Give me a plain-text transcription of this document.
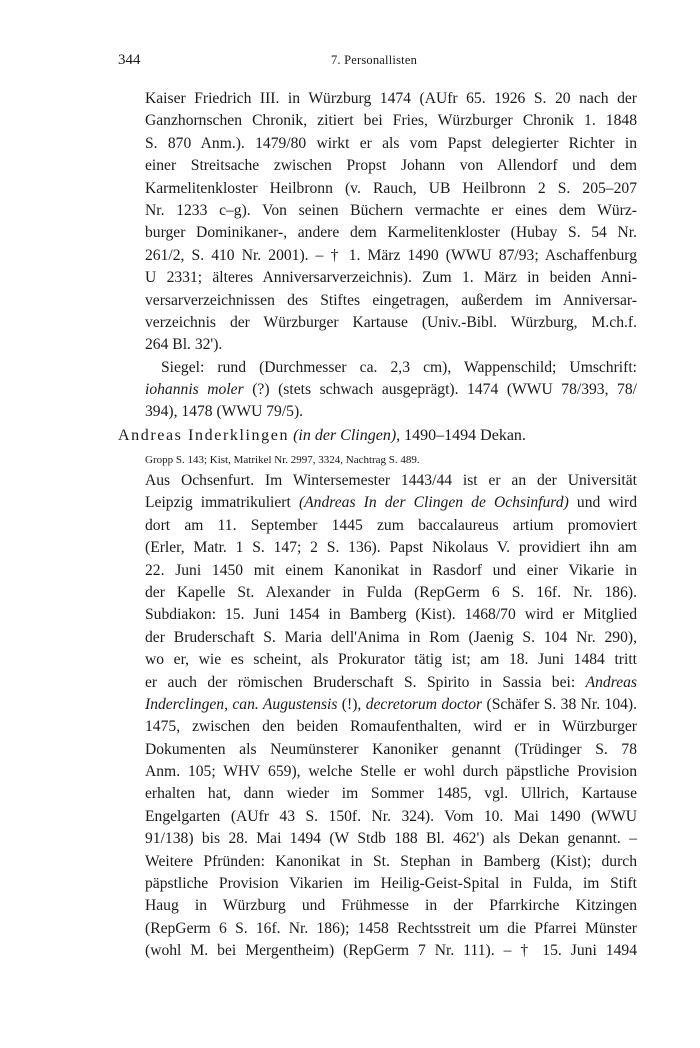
344	7. Personallisten
Kaiser Friedrich III. in Würzburg 1474 (AUfr 65. 1926 S. 20 nach der
Ganzhornschen Chronik, zitiert bei Fries, Würzburger Chronik 1. 1848
S. 870 Anm.). 1479/80 wirkt er als vom Papst delegierter Richter in
einer Streitsache zwischen Propst Johann von Allendorf und dem
Karmelitenkloster Heilbronn (v. Rauch, UB Heilbronn 2 S. 205–207
Nr. 1233 c–g). Von seinen Büchern vermachte er eines dem Würz-
burger Dominikaner-, andere dem Karmelitenkloster (Hubay S. 54 Nr.
261/2, S. 410 Nr. 2001). – † 1. März 1490 (WWU 87/93; Aschaffenburg
U 2331; älteres Anniversarverzeichnis). Zum 1. März in beiden Anni-
versarverzeichnissen des Stiftes eingetragen, außerdem im Anniversar-
verzeichnis der Würzburger Kartause (Univ.-Bibl. Würzburg, M.ch.f.
264 Bl. 32').
Siegel: rund (Durchmesser ca. 2,3 cm), Wappenschild; Umschrift:
iohannis moler (?) (stets schwach ausgeprägt). 1474 (WWU 78/393, 78/
394), 1478 (WWU 79/5).
Andreas Inderklingen (in der Clingen), 1490–1494 Dekan.
Gropp S. 143; Kist, Matrikel Nr. 2997, 3324, Nachtrag S. 489.
Aus Ochsenfurt. Im Wintersemester 1443/44 ist er an der Universität
Leipzig immatrikuliert (Andreas In der Clingen de Ochsinfurd) und wird
dort am 11. September 1445 zum baccalaureus artium promoviert
(Erler, Matr. 1 S. 147; 2 S. 136). Papst Nikolaus V. providiert ihn am
22. Juni 1450 mit einem Kanonikat in Rasdorf und einer Vikarie in
der Kapelle St. Alexander in Fulda (RepGerm 6 S. 16f. Nr. 186).
Subdiakon: 15. Juni 1454 in Bamberg (Kist). 1468/70 wird er Mitglied
der Bruderschaft S. Maria dell'Anima in Rom (Jaenig S. 104 Nr. 290),
wo er, wie es scheint, als Prokurator tätig ist; am 18. Juni 1484 tritt
er auch der römischen Bruderschaft S. Spirito in Sassia bei: Andreas
Inderclingen, can. Augustensis (!), decretorum doctor (Schäfer S. 38 Nr. 104).
1475, zwischen den beiden Romaufenthalten, wird er in Würzburger
Dokumenten als Neumünsterer Kanoniker genannt (Trüdinger S. 78
Anm. 105; WHV 659), welche Stelle er wohl durch päpstliche Provision
erhalten hat, dann wieder im Sommer 1485, vgl. Ullrich, Kartause
Engelgarten (AUfr 43 S. 150f. Nr. 324). Vom 10. Mai 1490 (WWU
91/138) bis 28. Mai 1494 (W Stdb 188 Bl. 462') als Dekan genannt. –
Weitere Pfründen: Kanonikat in St. Stephan in Bamberg (Kist); durch
päpstliche Provision Vikarien im Heilig-Geist-Spital in Fulda, im Stift
Haug in Würzburg und Frühmesse in der Pfarrkirche Kitzingen
(RepGerm 6 S. 16f. Nr. 186); 1458 Rechtsstreit um die Pfarrei Münster
(wohl M. bei Mergentheim) (RepGerm 7 Nr. 111). – † 15. Juni 1494
